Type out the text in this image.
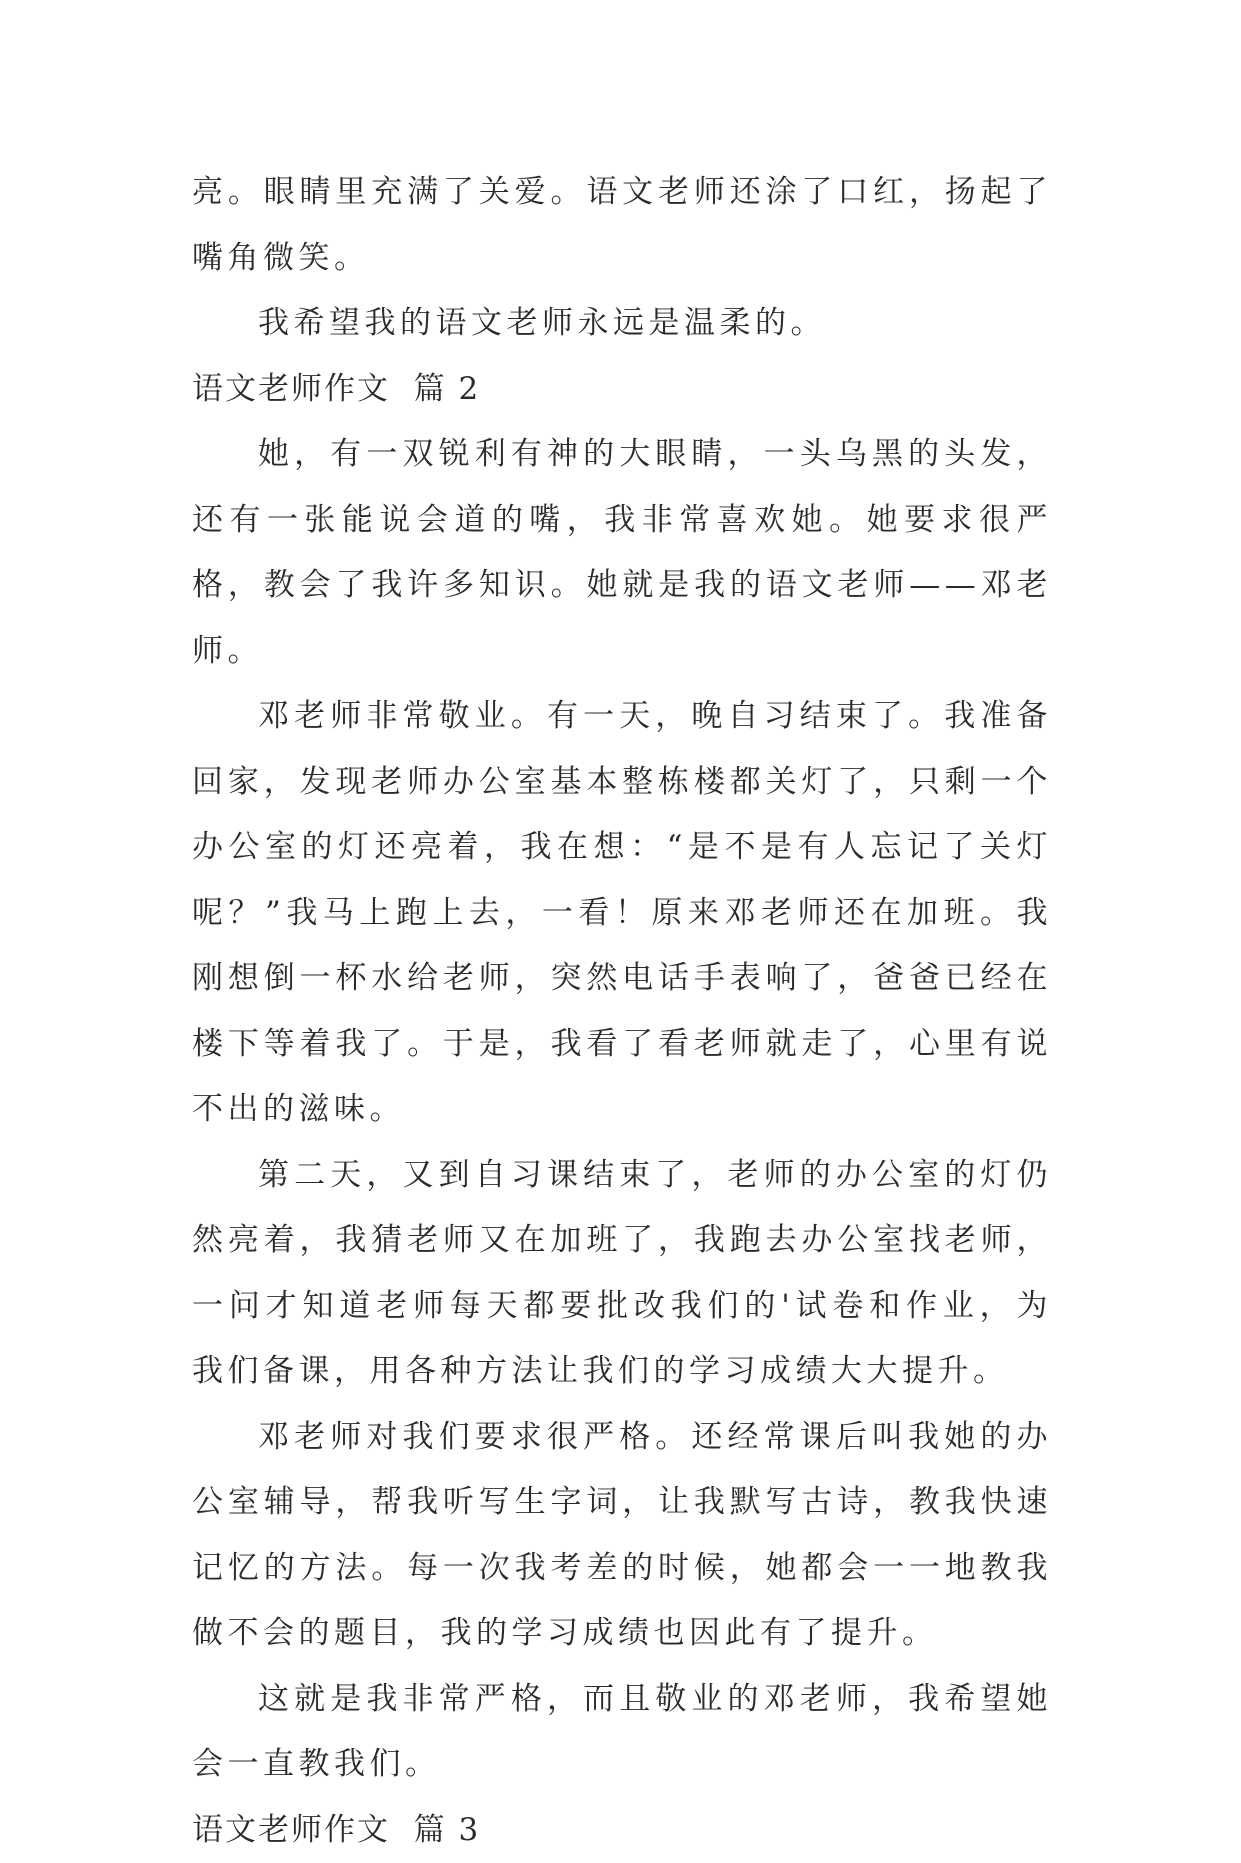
亮。眼睛里充满了关爱。语文老师还涂了口红，扬起了嘴角微笑。

我希望我的语文老师永远是温柔的。

语文老师作文  篇 2

她，有一双锐利有神的大眼睛，一头乌黑的头发，还有一张能说会道的嘴，我非常喜欢她。她要求很严格，教会了我许多知识。她就是我的语文老师——邓老师。

邓老师非常敬业。有一天，晚自习结束了。我准备回家，发现老师办公室基本整栋楼都关灯了，只剩一个办公室的灯还亮着，我在想：“是不是有人忘记了关灯呢？”我马上跑上去，一看！原来邓老师还在加班。我刚想倒一杯水给老师，突然电话手表响了，爸爸已经在楼下等着我了。于是，我看了看老师就走了，心里有说不出的滋味。

第二天，又到自习课结束了，老师的办公室的灯仍然亮着，我猜老师又在加班了，我跑去办公室找老师，一问才知道老师每天都要批改我们的'试卷和作业，为我们备课，用各种方法让我们的学习成绩大大提升。

邓老师对我们要求很严格。还经常课后叫我她的办公室辅导，帮我听写生字词，让我默写古诗，教我快速记忆的方法。每一次我考差的时候，她都会一一地教我做不会的题目，我的学习成绩也因此有了提升。

这就是我非常严格，而且敬业的邓老师，我希望她会一直教我们。

语文老师作文  篇 3
